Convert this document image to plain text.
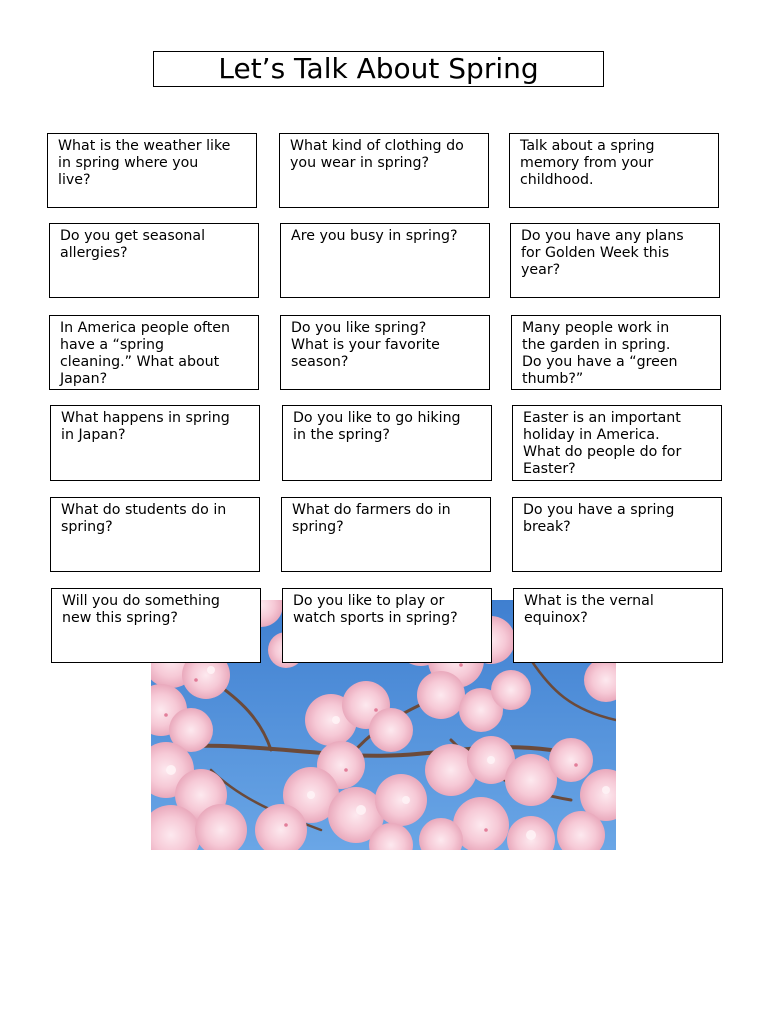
Let’s Talk About Spring
What is the weather like
in spring where you
live?
What kind of clothing do
you wear in spring?
Talk about a spring
memory from your
childhood.
Do you get seasonal
allergies?
Are you busy in spring?	Do you have any plans
for Golden Week this
year?
In America people often
have a “spring
cleaning.” What about
Japan?
Do you like spring?
What is your favorite
season?
Many people work in
the garden in spring.
Do you have a “green
thumb?”
What happens in spring
in Japan?
Do you like to go hiking
in the spring?
Easter is an important
holiday in America.
What do people do for
Easter?
What do students do in
spring?
What do farmers do in
spring?
Do you have a spring
break?
Will you do something
new this spring?
Do you like to play or
watch sports in spring?
What is the vernal
equinox?
